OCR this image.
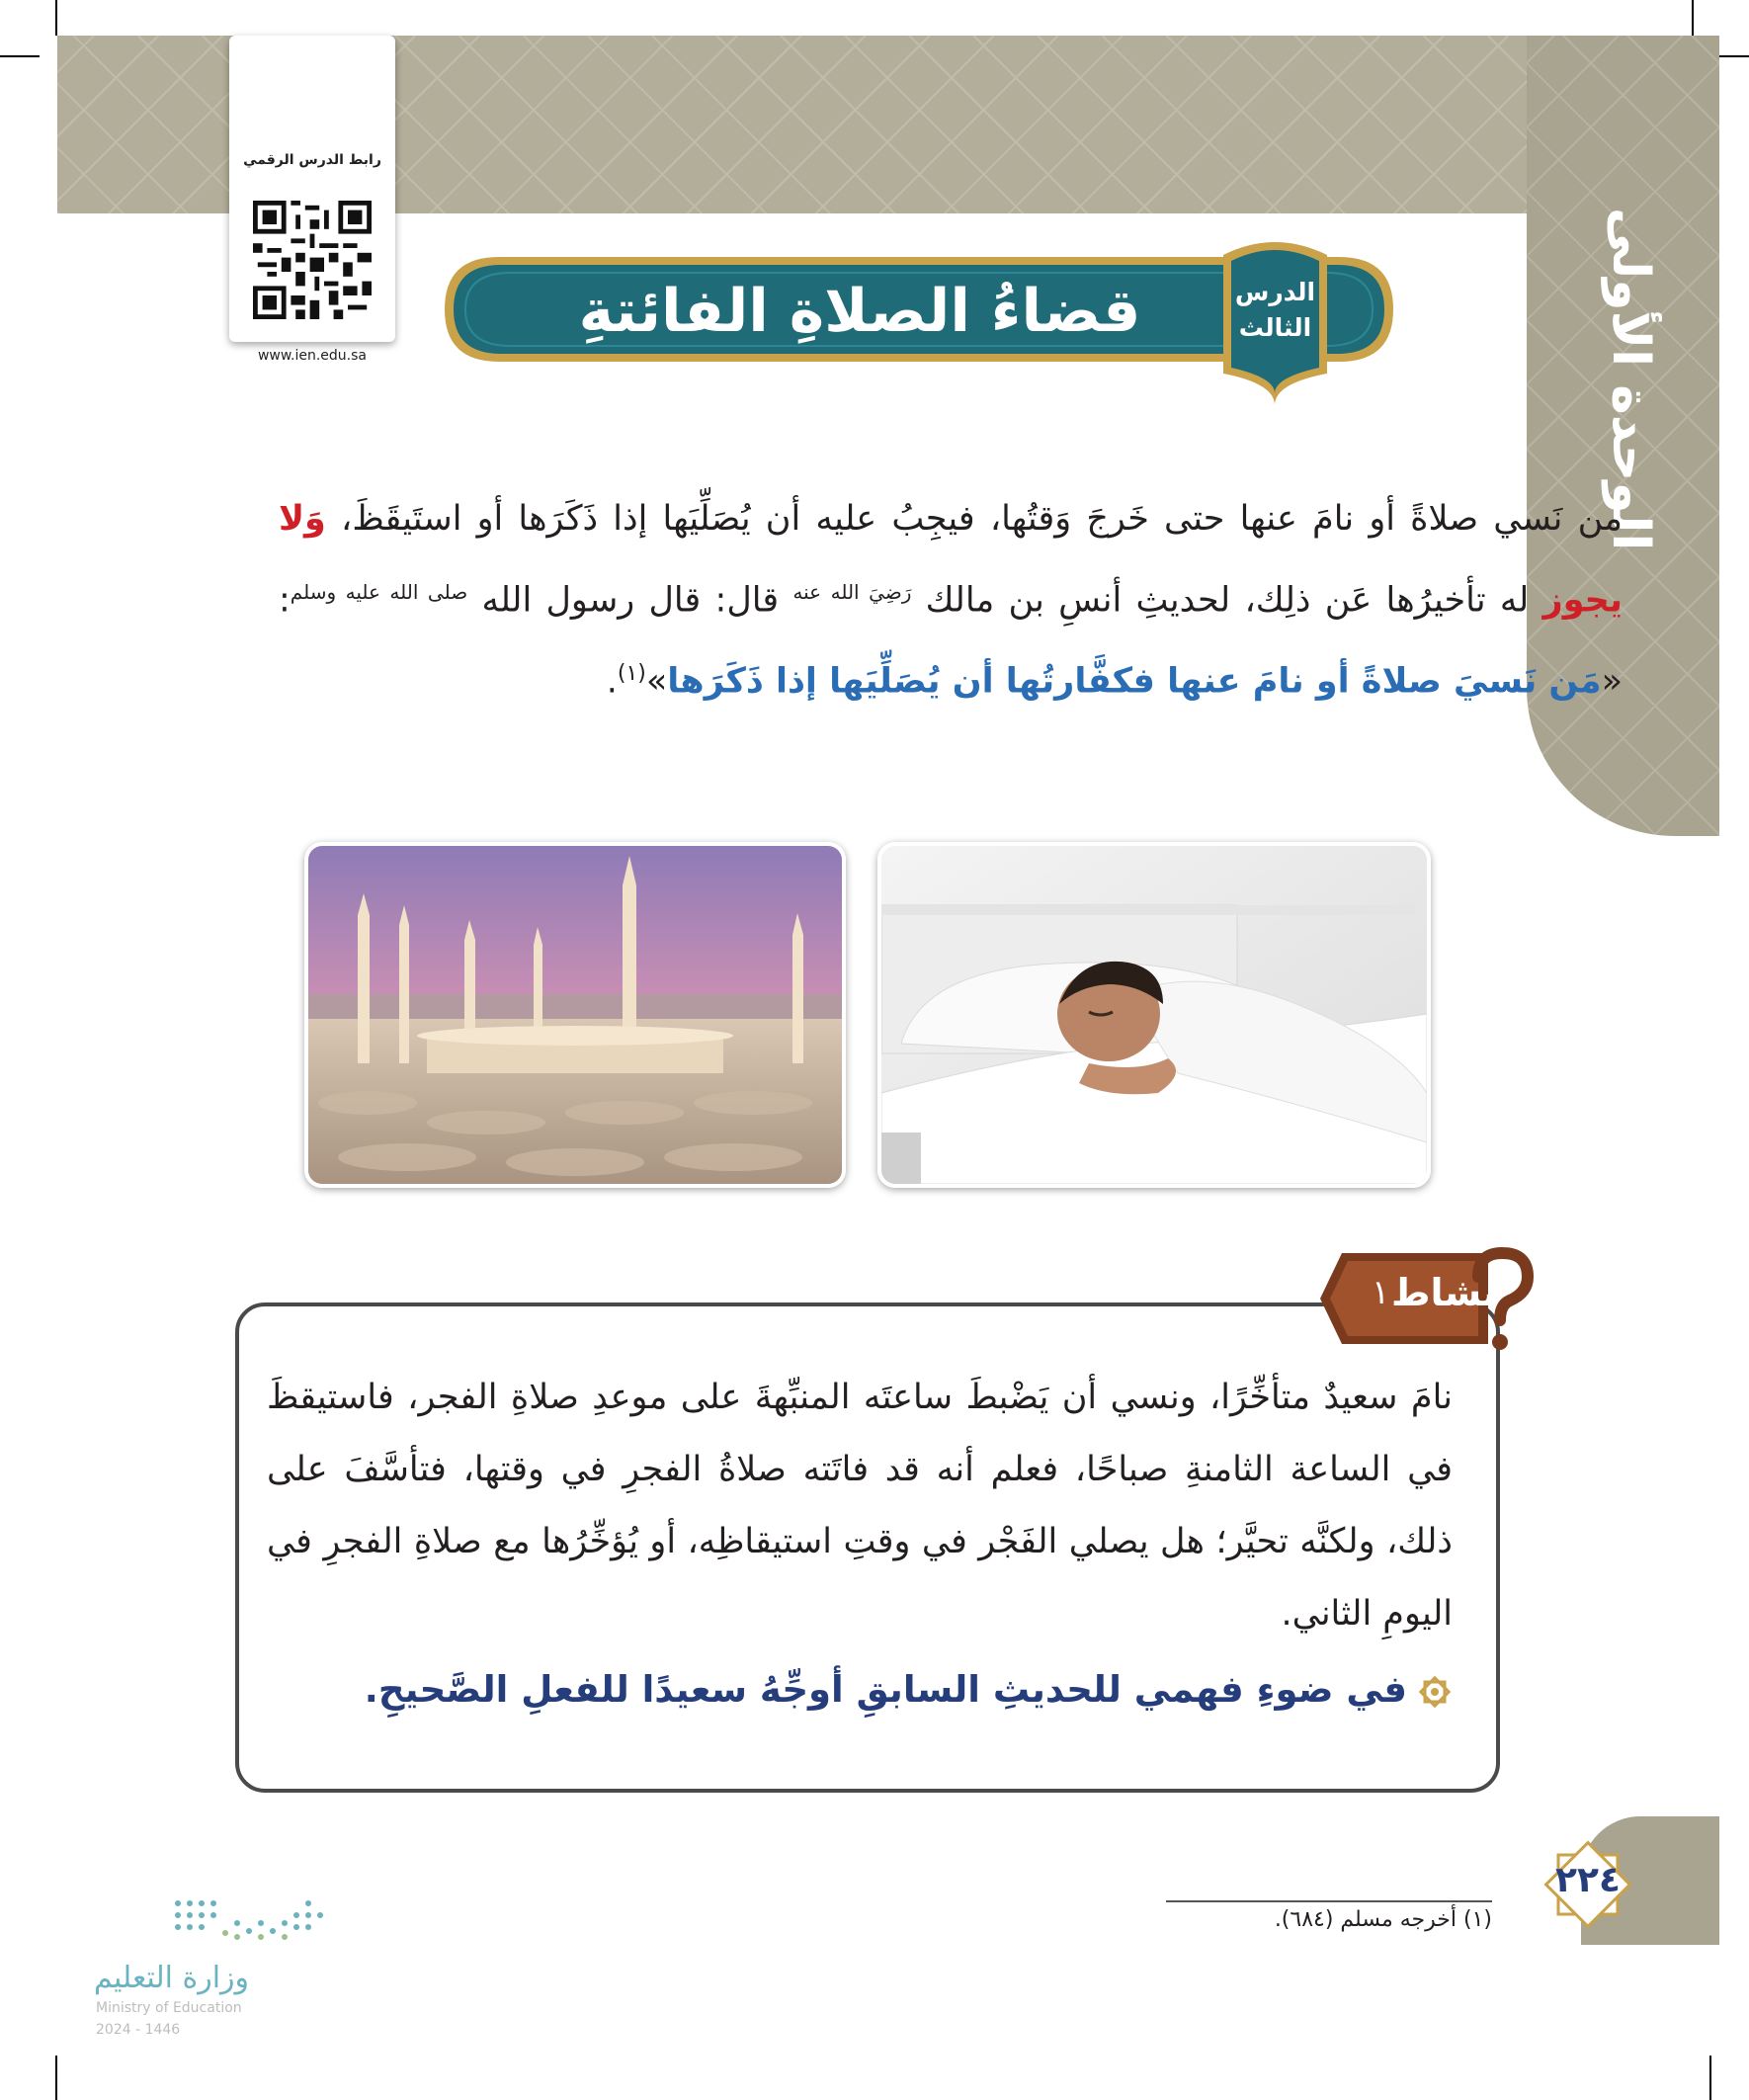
الوحدة الأولى
رابط الدرس الرقمي
www.ien.edu.sa
قضاءُ الصلاةِ الفائتةِ	الدرس
الثالث
من نَسي صلاةً أو نامَ عنها حتى خَرجَ وَقتُها، فيجِبُ عليه أن يُصَلِّيَها إذا ذَكَرَها أو استَيقَظَ، وَلا يجوز له تأخيرُها عَن ذلِك، لحديثِ أنسِ بن مالك $^{رَضِيَ الله عنه}$ قال: قال رسول الله $^{صلى الله عليه وسلم}$: «مَن نَسيَ صلاةً أو نامَ عنها فكفَّارتُها أن يُصَلِّيَها إذا ذَكَرَها»$^{(١)}$.
نشاط
١
نامَ سعيدٌ متأخِّرًا، ونسي أن يَضْبطَ ساعتَه المنبِّهةَ على موعدِ صلاةِ الفجر، فاستيقظَ في الساعة الثامنةِ صباحًا، فعلم أنه قد فاتَته صلاةُ الفجرِ في وقتها، فتأسَّفَ على ذلك، ولكنَّه تحيَّر؛ هل يصلي الفَجْر في وقتِ استيقاظِه، أو يُؤخِّرُها مع صلاةِ الفجرِ في اليومِ الثاني.
في ضوءِ فهمي للحديثِ السابقِ أوجِّهُ سعيدًا للفعلِ الصَّحيحِ.
٢٢٤
(١) أخرجه مسلم (٦٨٤).
وزارة التعليم
Ministry of Education
2024 - 1446
